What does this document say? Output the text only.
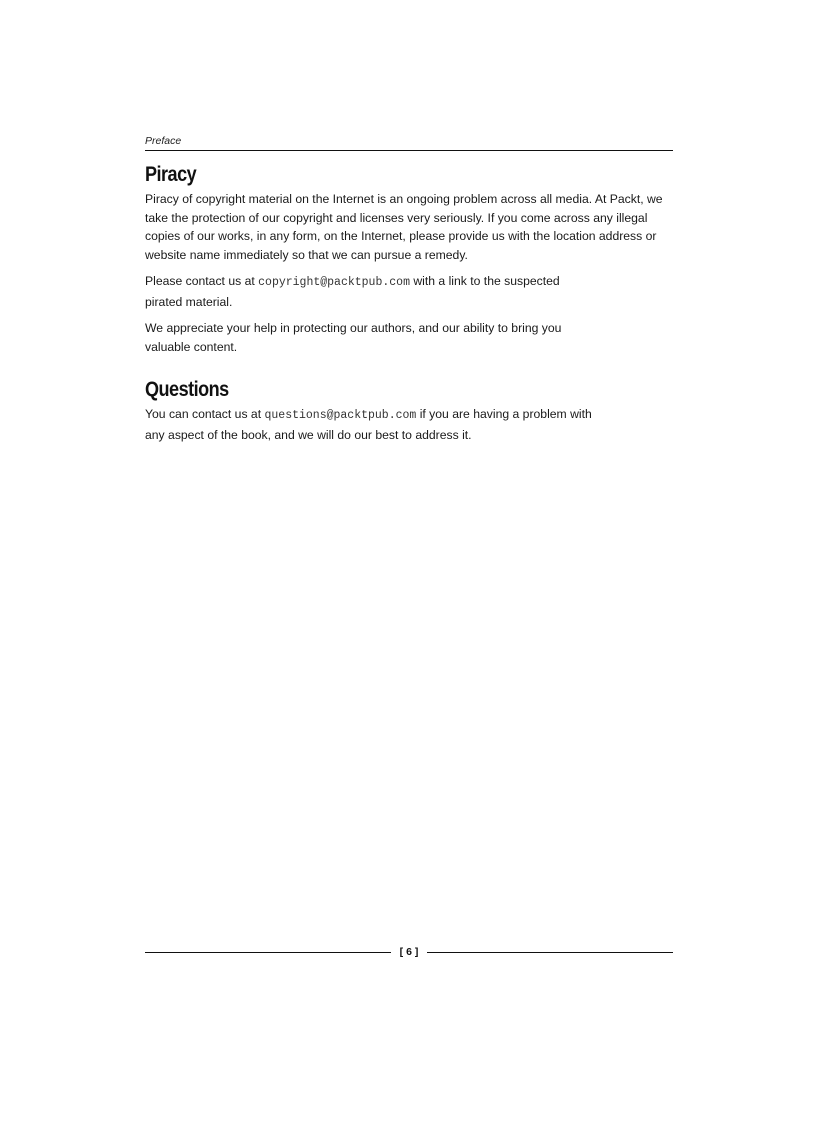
Preface
Piracy

Piracy of copyright material on the Internet is an ongoing problem across all media. At Packt, we take the protection of our copyright and licenses very seriously. If you come across any illegal copies of our works, in any form, on the Internet, please provide us with the location address or website name immediately so that we can pursue a remedy.

Please contact us at copyright@packtpub.com with a link to the suspected
pirated material.

We appreciate your help in protecting our authors, and our ability to bring you
valuable content.

Questions

You can contact us at questions@packtpub.com if you are having a problem with
any aspect of the book, and we will do our best to address it.

[ 6 ]
